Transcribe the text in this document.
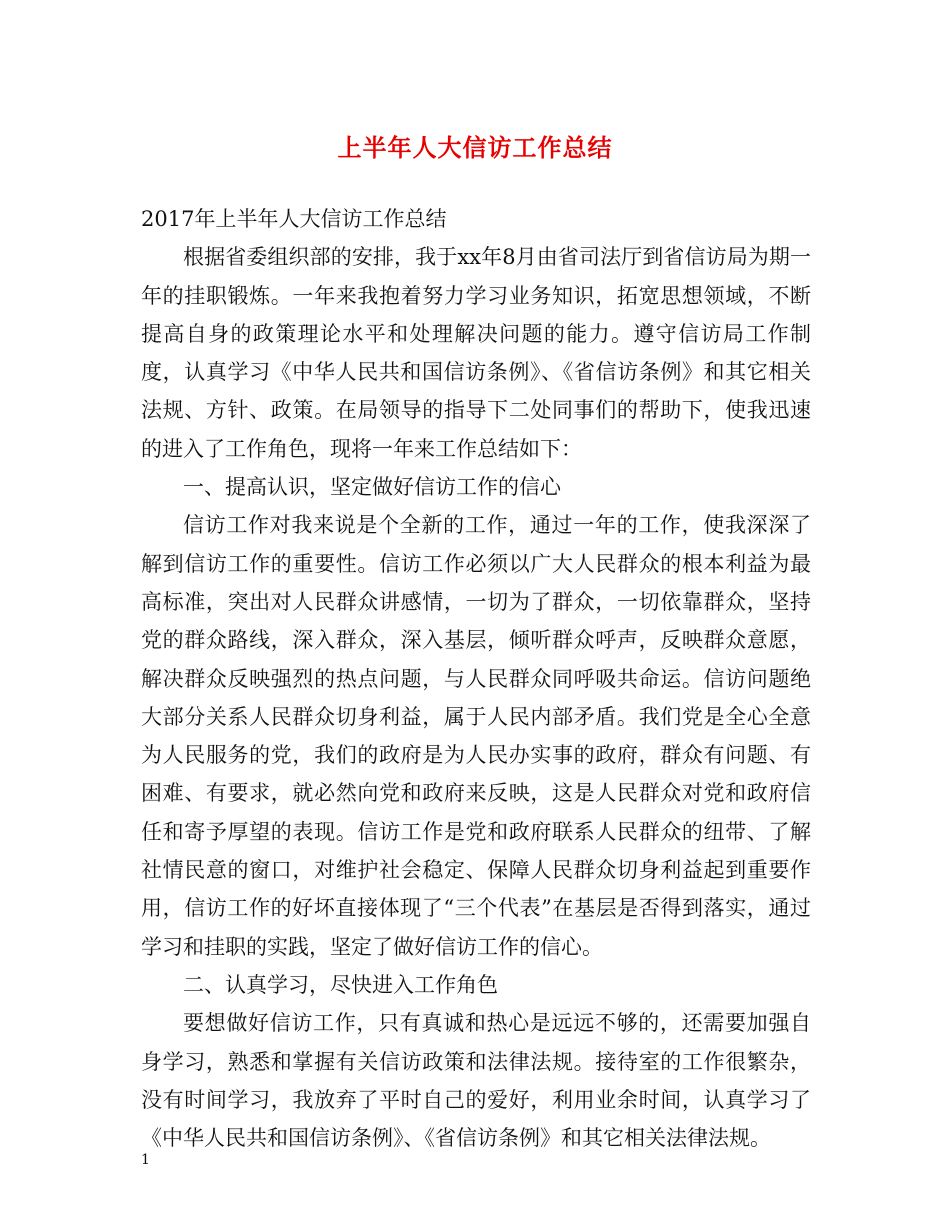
上半年人大信访工作总结

2017年上半年人大信访工作总结

根据省委组织部的安排，我于xx年8月由省司法厅到省信访局为期一年的挂职锻炼。一年来我抱着努力学习业务知识，拓宽思想领域，不断提高自身的政策理论水平和处理解决问题的能力。遵守信访局工作制度，认真学习《中华人民共和国信访条例》、《省信访条例》和其它相关法规、方针、政策。在局领导的指导下二处同事们的帮助下，使我迅速的进入了工作角色，现将一年来工作总结如下：

一、提高认识，坚定做好信访工作的信心

信访工作对我来说是个全新的工作，通过一年的工作，使我深深了解到信访工作的重要性。信访工作必须以广大人民群众的根本利益为最高标准，突出对人民群众讲感情，一切为了群众，一切依靠群众，坚持党的群众路线，深入群众，深入基层，倾听群众呼声，反映群众意愿，解决群众反映强烈的热点问题，与人民群众同呼吸共命运。信访问题绝大部分关系人民群众切身利益，属于人民内部矛盾。我们党是全心全意为人民服务的党，我们的政府是为人民办实事的政府，群众有问题、有困难、有要求，就必然向党和政府来反映，这是人民群众对党和政府信任和寄予厚望的表现。信访工作是党和政府联系人民群众的纽带、了解社情民意的窗口，对维护社会稳定、保障人民群众切身利益起到重要作用，信访工作的好坏直接体现了“三个代表”在基层是否得到落实，通过学习和挂职的实践，坚定了做好信访工作的信心。

二、认真学习，尽快进入工作角色

要想做好信访工作，只有真诚和热心是远远不够的，还需要加强自身学习，熟悉和掌握有关信访政策和法律法规。接待室的工作很繁杂，没有时间学习，我放弃了平时自己的爱好，利用业余时间，认真学习了《中华人民共和国信访条例》、《省信访条例》和其它相关法律法规。

1
